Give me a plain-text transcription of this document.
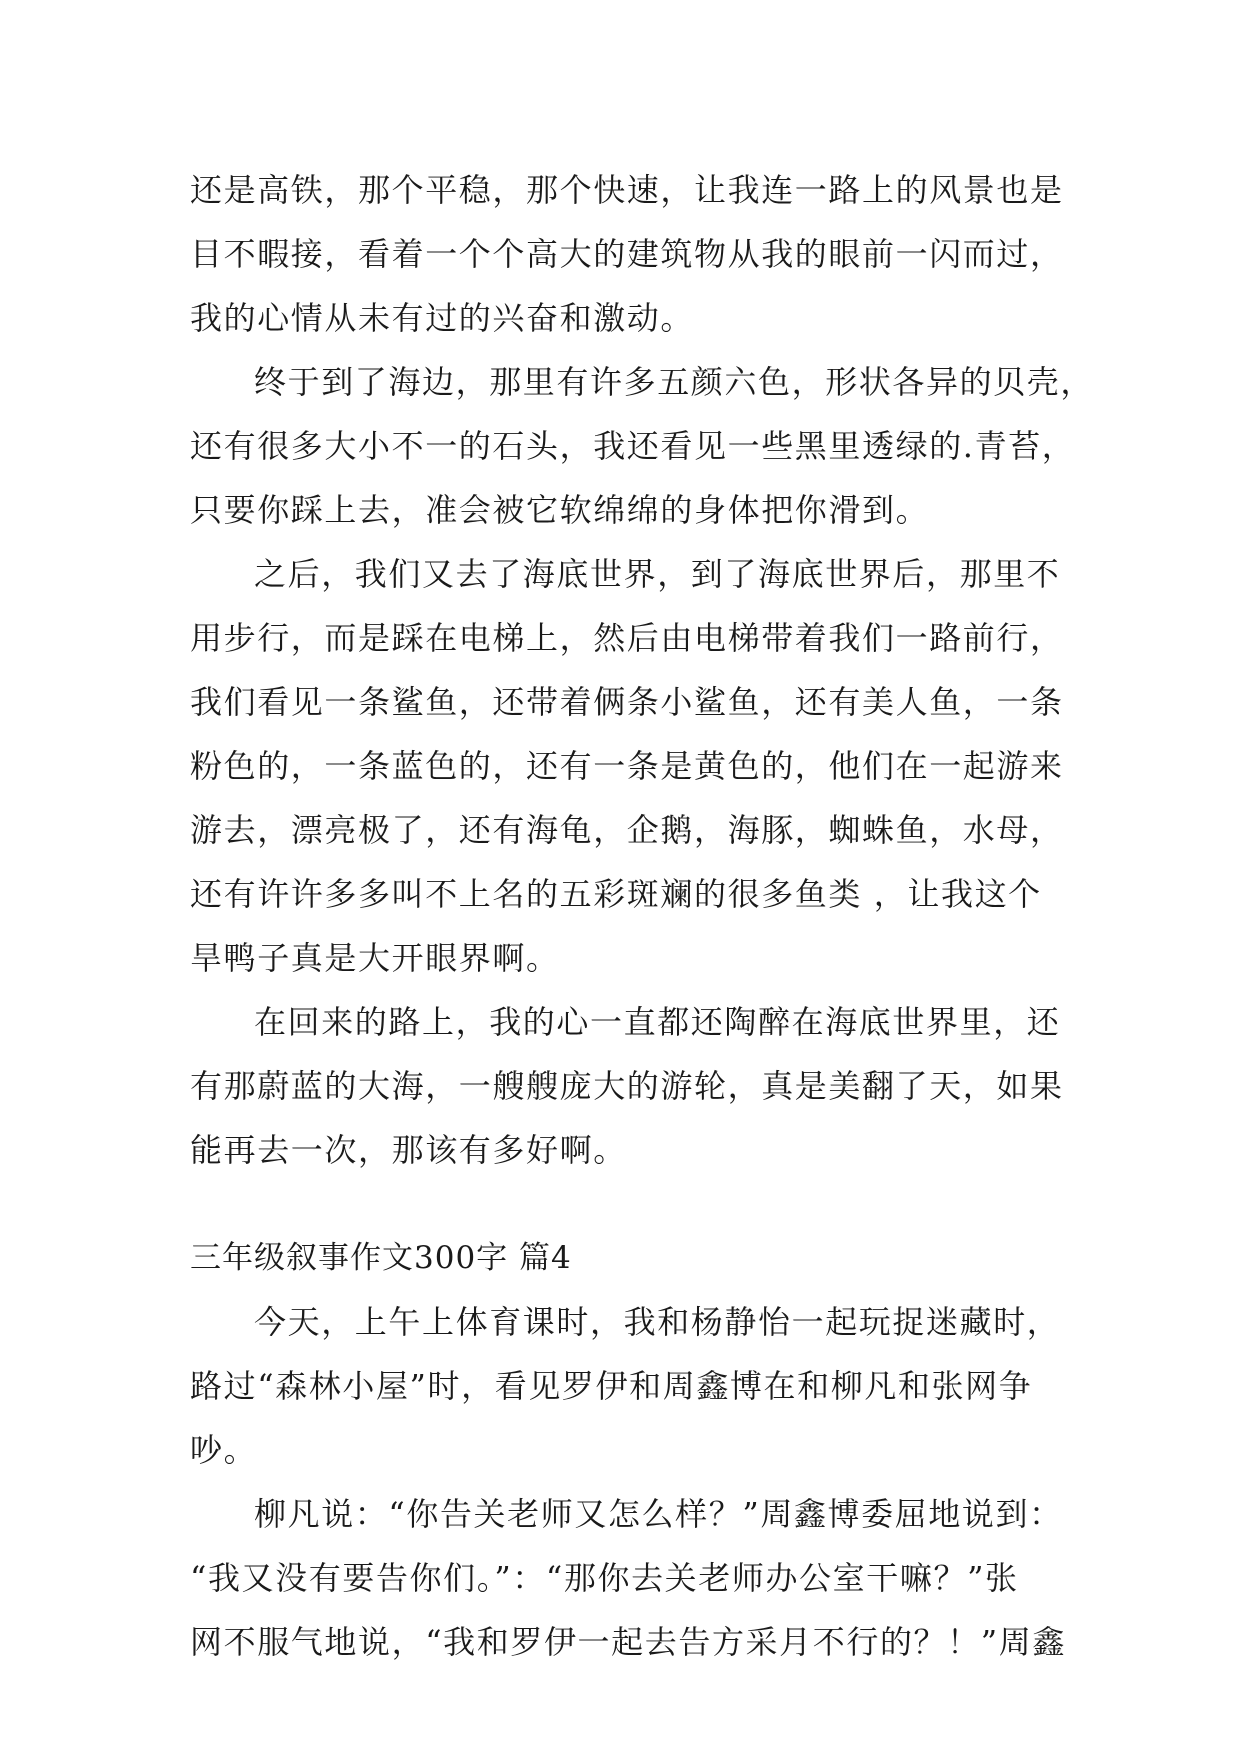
还是高铁，那个平稳，那个快速，让我连一路上的风景也是
目不暇接，看着一个个高大的建筑物从我的眼前一闪而过，
我的心情从未有过的兴奋和激动。
终于到了海边，那里有许多五颜六色，形状各异的贝壳，
还有很多大小不一的石头，我还看见一些黑里透绿的.青苔，
只要你踩上去，准会被它软绵绵的身体把你滑到。
之后，我们又去了海底世界，到了海底世界后，那里不
用步行，而是踩在电梯上，然后由电梯带着我们一路前行，
我们看见一条鲨鱼，还带着俩条小鲨鱼，还有美人鱼，一条
粉色的，一条蓝色的，还有一条是黄色的，他们在一起游来
游去，漂亮极了，还有海龟，企鹅，海豚，蜘蛛鱼，水母，
还有许许多多叫不上名的五彩斑斓的很多鱼类 ，让我这个
旱鸭子真是大开眼界啊。
在回来的路上，我的心一直都还陶醉在海底世界里，还
有那蔚蓝的大海，一艘艘庞大的游轮，真是美翻了天，如果
能再去一次，那该有多好啊。
三年级叙事作文300字 篇4
今天，上午上体育课时，我和杨静怡一起玩捉迷藏时，
路过“森林小屋”时，看见罗伊和周鑫博在和柳凡和张网争
吵。
柳凡说：“你告关老师又怎么样？”周鑫博委屈地说到：
“我又没有要告你们。”：“那你去关老师办公室干嘛？”张
网不服气地说，“我和罗伊一起去告方采月不行的？！”周鑫
